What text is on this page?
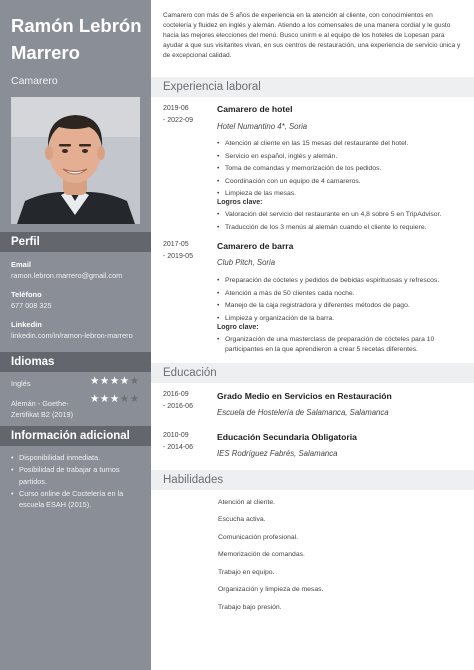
Ramón Lebrón Marrero
Camarero
Perfil
Email
ramon.lebron.marrero@gmail.com
Teléfono
677 008 325
Linkedin
linkedin.com/in/ramon-lebron-marrero
Idiomas
Inglés	★★★★★
Alemán - Goethe-Zertifikat B2 (2019)
★★★★★
Información adicional
• Disponibilidad inmediata.
• Posibilidad de trabajar a turnos partidos.
• Curso online de Coctelería en la escuela ESAH (2015).
Camarero con más de 5 años de experiencia en la atención al cliente, con conocimientos en coctelería y fluidez en inglés y alemán. Atiendo a los comensales de una manera cordial y le gusto hacia las mejores elecciones del menú. Busco unirm e al equipo de los hoteles de Lopesan para ayudar a que sus visitantes vivan, en sus centros de restauración, una experiencia de servicio única y de excepcional calidad.
Experiencia laboral
2019-06
- 2022-09
Camarero de hotel
Hotel Numantino 4*, Soria
• Atención al cliente en las 15 mesas del restaurante del hotel.
• Servicio en español, inglés y alemán.
• Toma de comandas y memorización de los pedidos.
• Coordinación con un equipo de 4 camareros.
• Limpieza de las mesas.
Logros clave:
• Valoración del servicio del restaurante en un 4,8 sobre 5 en TripAdvisor.
• Traducción de los 3 menús al alemán cuando el cliente lo requiere.
2017-05
- 2019-05
Camarero de barra
Club Pitch, Soria
• Preparación de cócteles y pedidos de bebidas espirituosas y refrescos.
• Atención a más de 50 clientes cada noche.
• Manejo de la caja registradora y diferentes métodos de pago.
• Limpieza y organización de la barra.
Logro clave:
• Organización de una masterclass de preparación de cócteles para 10 participantes en la que aprendieron a crear 5 recetas diferentes.
Educación
2016-09
- 2016-06
Grado Medio en Servicios en Restauración
Escuela de Hostelería de Salamanca, Salamanca
2010-09
- 2014-06
Educación Secundaria Obligatoria
IES Rodríguez Fabrés, Salamanca
Habilidades
Atención al cliente.
Escucha activa.
Comunicación profesional.
Memorización de comandas.
Trabajo en equipo.
Organización y limpieza de mesas.
Trabajo bajo presión.
